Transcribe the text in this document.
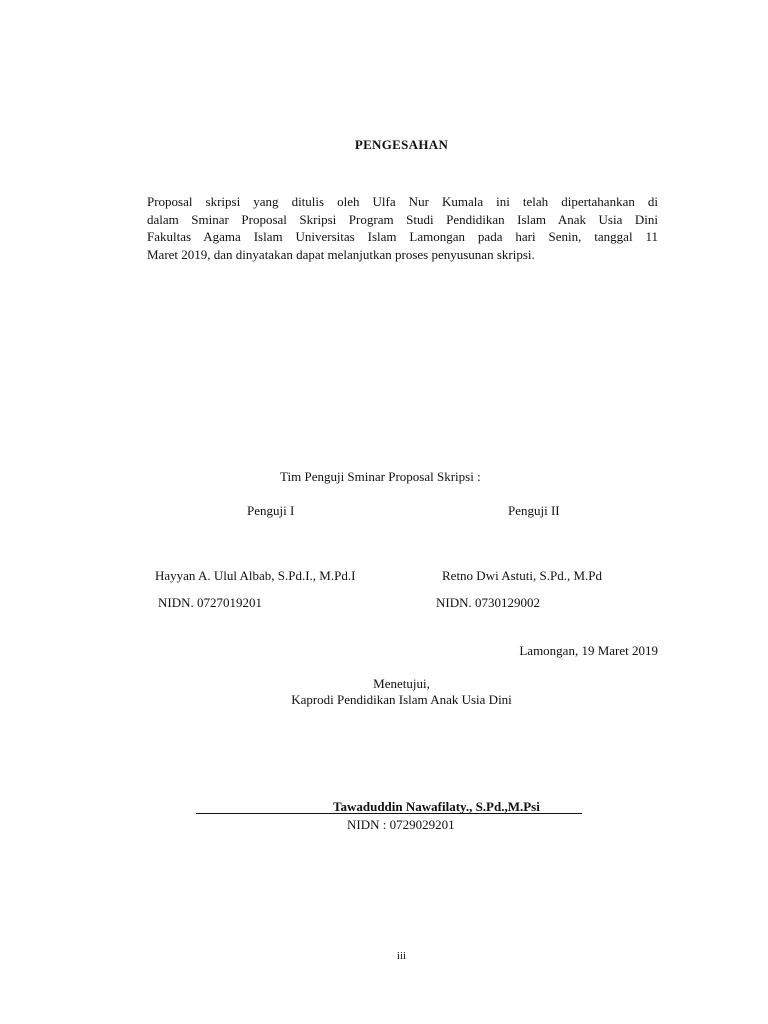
PENGESAHAN
Proposal skripsi yang ditulis oleh Ulfa Nur Kumala ini telah dipertahankan di
dalam Sminar Proposal Skripsi Program Studi Pendidikan Islam Anak Usia Dini
Fakultas Agama Islam Universitas Islam Lamongan pada hari Senin, tanggal 11
Maret 2019, dan dinyatakan dapat melanjutkan proses penyusunan skripsi.
Tim Penguji Sminar Proposal Skripsi :
Penguji I	Penguji II
Hayyan A. Ulul Albab, S.Pd.I., M.Pd.I	Retno Dwi Astuti, S.Pd., M.Pd
NIDN. 0727019201	NIDN. 0730129002
Lamongan, 19 Maret 2019
Menetujui,
Kaprodi Pendidikan Islam Anak Usia Dini
Tawaduddin Nawafilaty., S.Pd.,M.Psi
NIDN : 0729029201
iii
